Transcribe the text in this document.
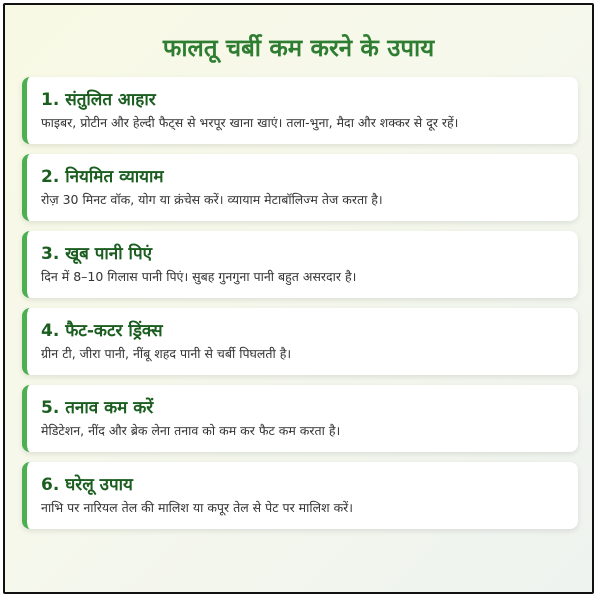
फालतू चर्बी कम करने के उपाय
1. संतुलित आहार
फाइबर, प्रोटीन और हेल्दी फैट्स से भरपूर खाना खाएं। तला-भुना, मैदा और शक्कर से दूर रहें।
2. नियमित व्यायाम
रोज़ 30 मिनट वॉक, योग या क्रंचेस करें। व्यायाम मेटाबॉलिज्म तेज करता है।
3. खूब पानी पिएं
दिन में 8–10 गिलास पानी पिएं। सुबह गुनगुना पानी बहुत असरदार है।
4. फैट-कटर ड्रिंक्स
ग्रीन टी, जीरा पानी, नींबू शहद पानी से चर्बी पिघलती है।
5. तनाव कम करें
मेडिटेशन, नींद और ब्रेक लेना तनाव को कम कर फैट कम करता है।
6. घरेलू उपाय
नाभि पर नारियल तेल की मालिश या कपूर तेल से पेट पर मालिश करें।
